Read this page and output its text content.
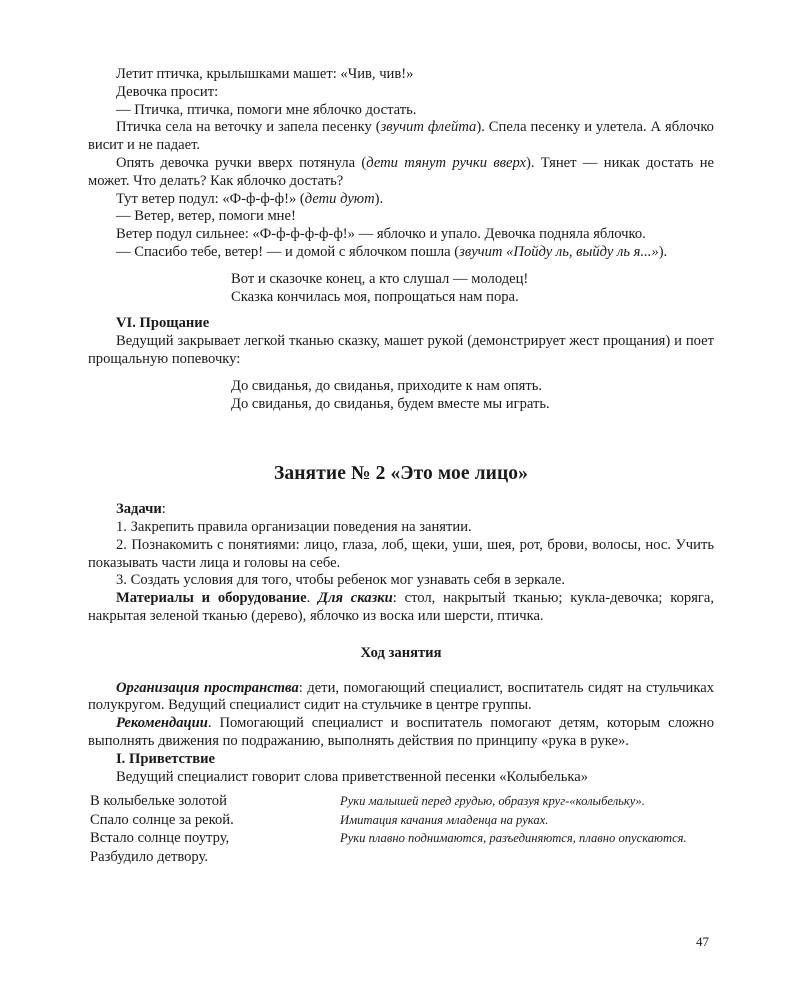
Летит птичка, крылышками машет: «Чив, чив!»

Девочка просит:

— Птичка, птичка, помоги мне яблочко достать.

Птичка села на веточку и запела песенку (звучит флейта). Спела песенку и улетела. А яблочко висит и не падает.

Опять девочка ручки вверх потянула (дети тянут ручки вверх). Тянет — никак достать не может. Что делать? Как яблочко достать?

Тут ветер подул: «Ф-ф-ф-ф!» (дети дуют).

— Ветер, ветер, помоги мне!

Ветер подул сильнее: «Ф-ф-ф-ф-ф-ф!» — яблочко и упало. Девочка подняла яблочко.

— Спасибо тебе, ветер! — и домой с яблочком пошла (звучит «Пойду ль, выйду ль я...»).

Вот и сказочке конец, а кто слушал — молодец!

Сказка кончилась моя, попрощаться нам пора.

VI. Прощание

Ведущий закрывает легкой тканью сказку, машет рукой (демонстрирует жест прощания) и поет прощальную попевочку:

До свиданья, до свиданья, приходите к нам опять.

До свиданья, до свиданья, будем вместе мы играть.

Занятие № 2 «Это мое лицо»

Задачи:

1. Закрепить правила организации поведения на занятии.

2. Познакомить с понятиями: лицо, глаза, лоб, щеки, уши, шея, рот, брови, волосы, нос. Учить показывать части лица и головы на себе.

3. Создать условия для того, чтобы ребенок мог узнавать себя в зеркале.

Материалы и оборудование. Для сказки: стол, накрытый тканью; кукла-девочка; коряга, накрытая зеленой тканью (дерево), яблочко из воска или шерсти, птичка.

Ход занятия

Организация пространства: дети, помогающий специалист, воспитатель сидят на стульчиках полукругом. Ведущий специалист сидит на стульчике в центре группы.

Рекомендации. Помогающий специалист и воспитатель помогают детям, которым сложно выполнять движения по подражанию, выполнять действия по принципу «рука в руке».

I. Приветствие

Ведущий специалист говорит слова приветственной песенки «Колыбелька»

В колыбельке золотой	Руки малышей перед грудью, образуя круг-«колыбельку».
Спало солнце за рекой.	Имитация качания младенца на руках.
Встало солнце поутру,	Руки плавно поднимаются, разъединяются, плавно опускаются.
Разбудило детвору.	
47
